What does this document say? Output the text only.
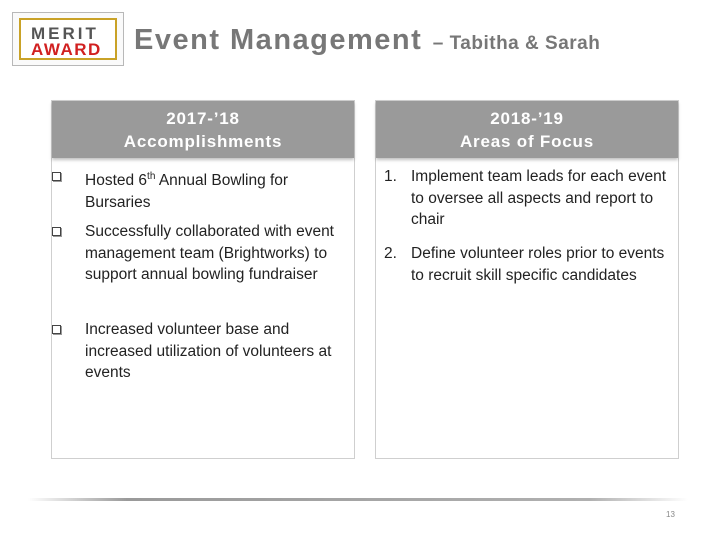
MERIT
AWARD Event Management – Tabitha & Sarah
2017-’18
Accomplishments
Hosted 6th Annual Bowling for Bursaries
Successfully collaborated with event management team (Brightworks) to support annual bowling fundraiser
Increased volunteer base and increased utilization of volunteers at events
2018-’19
Areas of Focus
1. Implement team leads for each event to oversee all aspects and report to chair
2. Define volunteer roles prior to events to recruit skill specific candidates
13
